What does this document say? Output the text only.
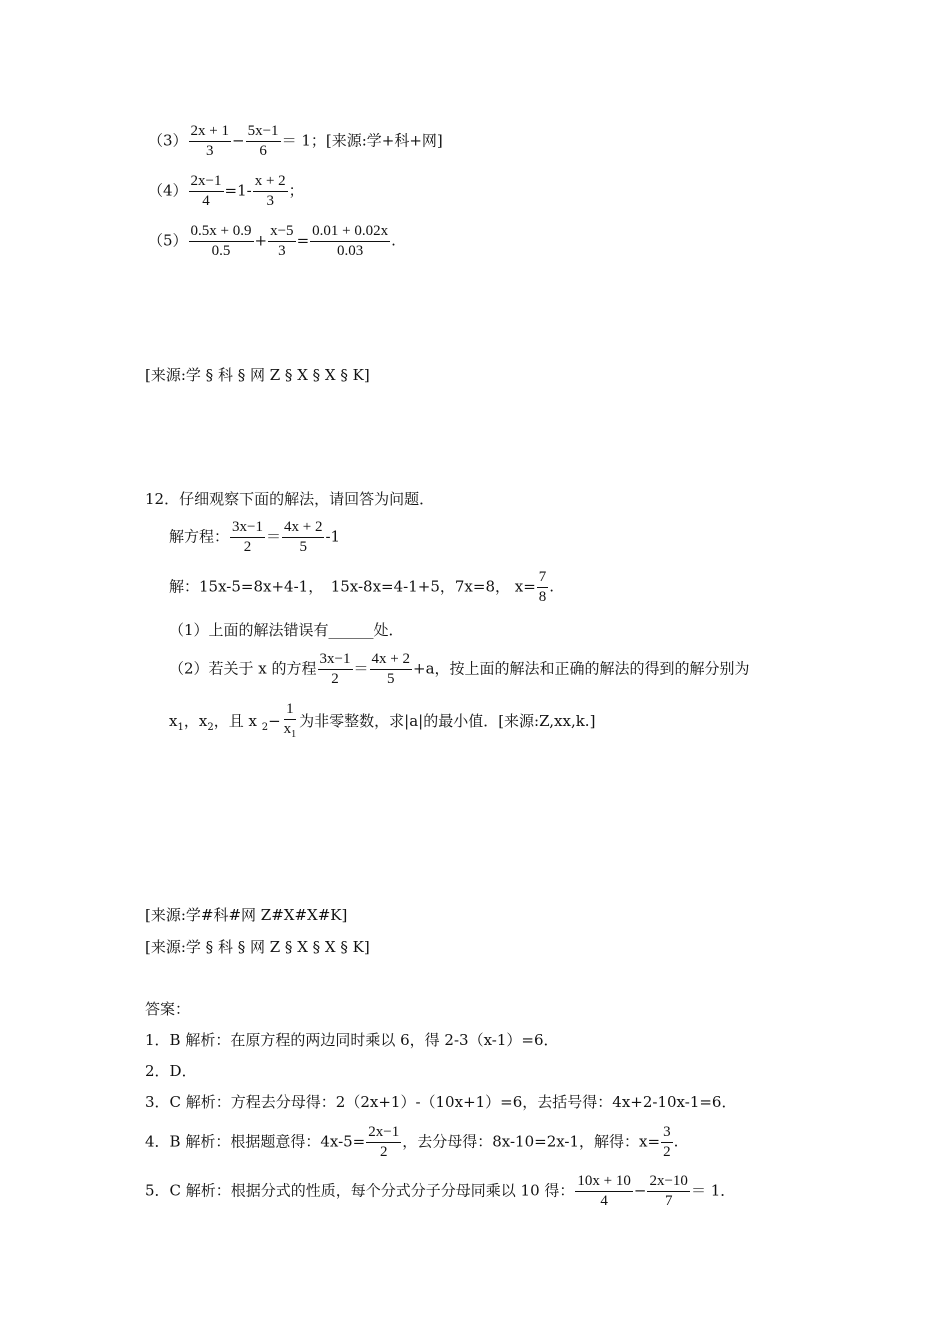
$(3) \frac{2x + 1}{3} - \frac{5x-1}{6} = 1$；[来源:学+科+网]
$(4) \frac{2x-1}{4} =1- \frac{x + 2}{3}$ ；
$(5) \frac{0.5x + 0.9}{0.5} + \frac{x-5}{3} = \frac{0.01 + 0.02x}{0.03}$ .
[来源:学 § 科 § 网 Z § X § X § K]
12．仔细观察下面的解法，请回答为问题．
解方程： $\frac{3x-1}{2} = \frac{4x + 2}{5} -1$
解：15x-5=8x+4-1，　15x-8x=4-1+5，7x=8， $x= \frac{7}{8}$ .
（1）上面的解法错误有______处．
（2）若关于 x 的方程 $\frac{3x-1}{2} = \frac{4x + 2}{5} +a$，按上面的解法和正确的解法的得到的解分别为
$x_1$，$x_2$，且 x $_2- \frac{1}{x_1}$ 为非零整数，求|a|的最小值．[来源:Z,xx,k.]
[来源:学#科#网 Z#X#X#K]
[来源:学 § 科 § 网 Z § X § X § K]
答案：
1．B 解析：在原方程的两边同时乘以 6，得 2-3（x-1）=6．
2．D．
3．C 解析：方程去分母得：2（2x+1）-（10x+1）=6，去括号得：4x+2-10x-1=6．
4．B 解析：根据题意得：$4x-5= \frac{2x-1}{2}$ ，去分母得：8x-10=2x-1，解得：$x= \frac{3}{2}$ .
5．C 解析：根据分式的性质，每个分式分子分母同乘以 10 得： $\frac{10x + 10}{4} - \frac{2x-10}{7} = 1$．
